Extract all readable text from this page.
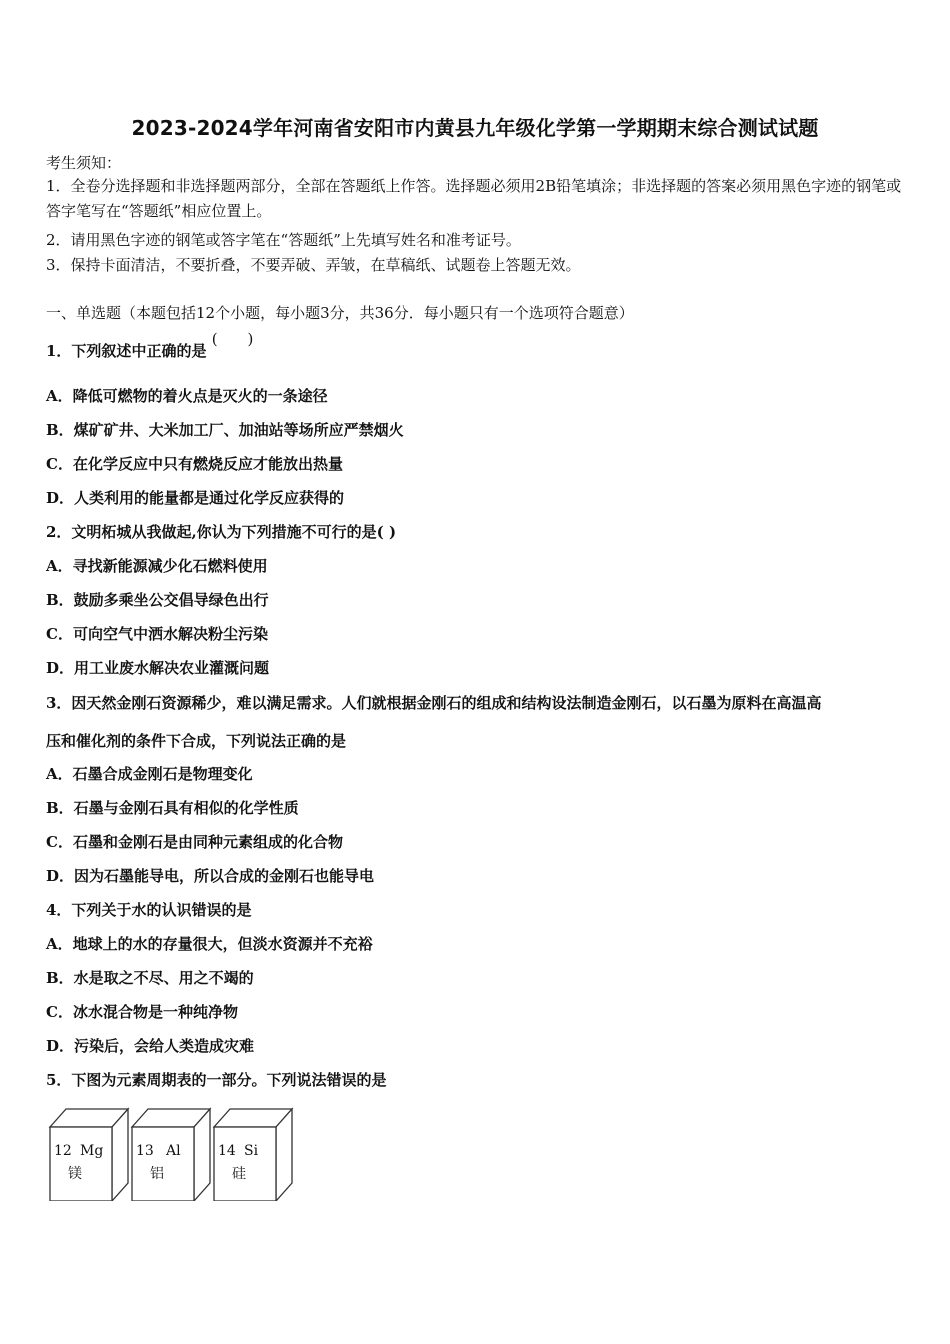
2023-2024学年河南省安阳市内黄县九年级化学第一学期期末综合测试试题
考生须知：
1．全卷分选择题和非选择题两部分，全部在答题纸上作答。选择题必须用2B铅笔填涂；非选择题的答案必须用黑色字迹的钢笔或答字笔写在“答题纸”相应位置上。
2．请用黑色字迹的钢笔或答字笔在“答题纸”上先填写姓名和准考证号。
3．保持卡面清洁，不要折叠，不要弄破、弄皱，在草稿纸、试题卷上答题无效。
一、单选题（本题包括12个小题，每小题3分，共36分．每小题只有一个选项符合题意）
1．下列叙述中正确的是 (　　)
A．降低可燃物的着火点是灭火的一条途径
B．煤矿矿井、大米加工厂、加油站等场所应严禁烟火
C．在化学反应中只有燃烧反应才能放出热量
D．人类利用的能量都是通过化学反应获得的
2．文明柘城从我做起,你认为下列措施不可行的是( )
A．寻找新能源减少化石燃料使用
B．鼓励多乘坐公交倡导绿色出行
C．可向空气中洒水解决粉尘污染
D．用工业废水解决农业灌溉问题
3．因天然金刚石资源稀少，难以满足需求。人们就根据金刚石的组成和结构设法制造金刚石，以石墨为原料在高温高
压和催化剂的条件下合成，下列说法正确的是
A．石墨合成金刚石是物理变化
B．石墨与金刚石具有相似的化学性质
C．石墨和金刚石是由同种元素组成的化合物
D．因为石墨能导电，所以合成的金刚石也能导电
4．下列关于水的认识错误的是
A．地球上的水的存量很大，但淡水资源并不充裕
B．水是取之不尽、用之不竭的
C．冰水混合物是一种纯净物
D．污染后，会给人类造成灾难
5．下图为元素周期表的一部分。下列说法错误的是
12 Mg
镁
13 Al
铝
14 Si
硅
